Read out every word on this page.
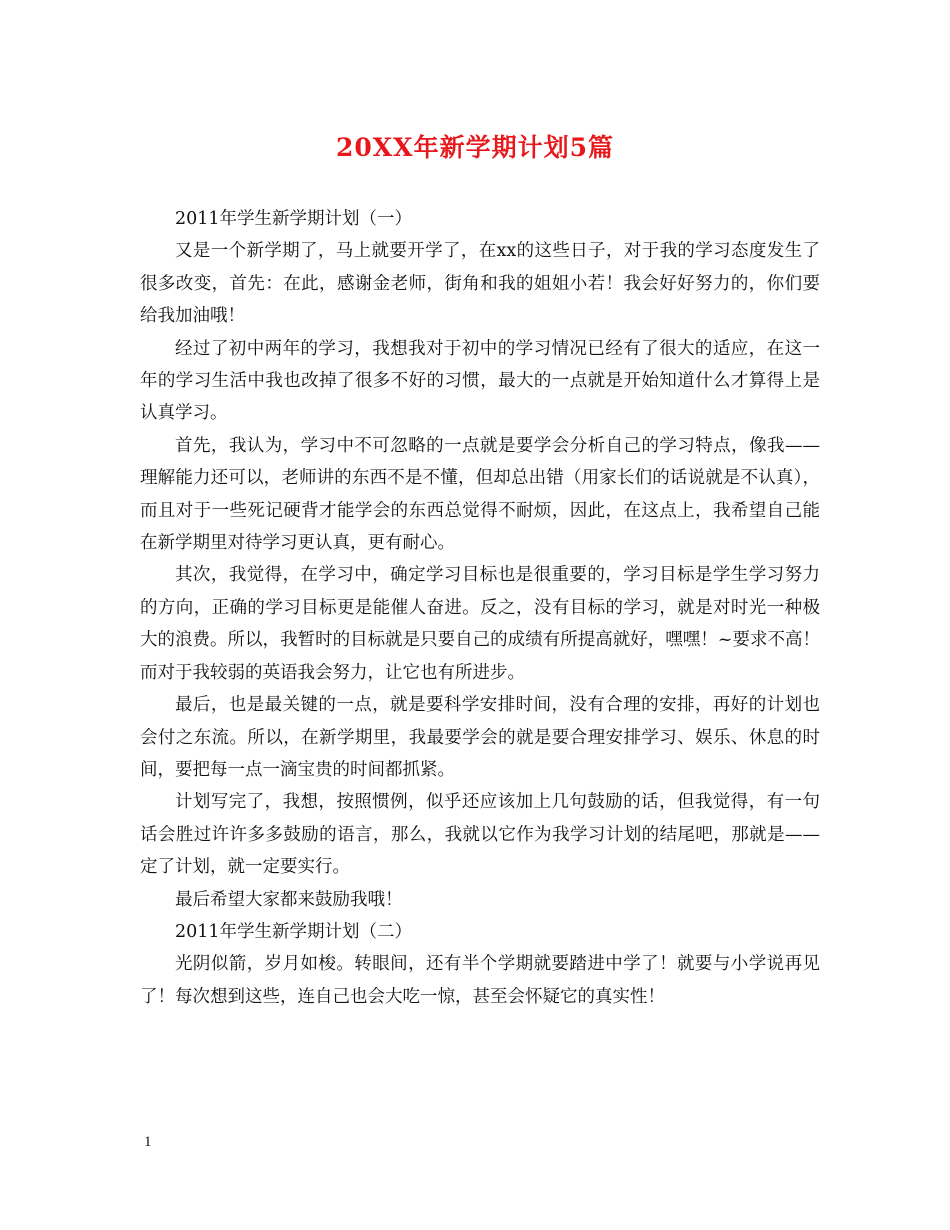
20XX年新学期计划5篇

2011年学生新学期计划（一）

又是一个新学期了，马上就要开学了，在xx的这些日子，对于我的学习态度发生了很多改变，首先：在此，感谢金老师，街角和我的姐姐小若！我会好好努力的，你们要给我加油哦！

经过了初中两年的学习，我想我对于初中的学习情况已经有了很大的适应，在这一年的学习生活中我也改掉了很多不好的习惯，最大的一点就是开始知道什么才算得上是认真学习。

首先，我认为，学习中不可忽略的一点就是要学会分析自己的学习特点，像我——理解能力还可以，老师讲的东西不是不懂，但却总出错（用家长们的话说就是不认真），而且对于一些死记硬背才能学会的东西总觉得不耐烦，因此，在这点上，我希望自己能在新学期里对待学习更认真，更有耐心。

其次，我觉得，在学习中，确定学习目标也是很重要的，学习目标是学生学习努力的方向，正确的学习目标更是能催人奋进。反之，没有目标的学习，就是对时光一种极大的浪费。所以，我暂时的目标就是只要自己的成绩有所提高就好，嘿嘿！~要求不高！而对于我较弱的英语我会努力，让它也有所进步。

最后，也是最关键的一点，就是要科学安排时间，没有合理的安排，再好的计划也会付之东流。所以，在新学期里，我最要学会的就是要合理安排学习、娱乐、休息的时间，要把每一点一滴宝贵的时间都抓紧。

计划写完了，我想，按照惯例，似乎还应该加上几句鼓励的话，但我觉得，有一句话会胜过许许多多鼓励的语言，那么，我就以它作为我学习计划的结尾吧，那就是——定了计划，就一定要实行。

最后希望大家都来鼓励我哦！

2011年学生新学期计划（二）

光阴似箭，岁月如梭。转眼间，还有半个学期就要踏进中学了！就要与小学说再见了！每次想到这些，连自己也会大吃一惊，甚至会怀疑它的真实性！

1
